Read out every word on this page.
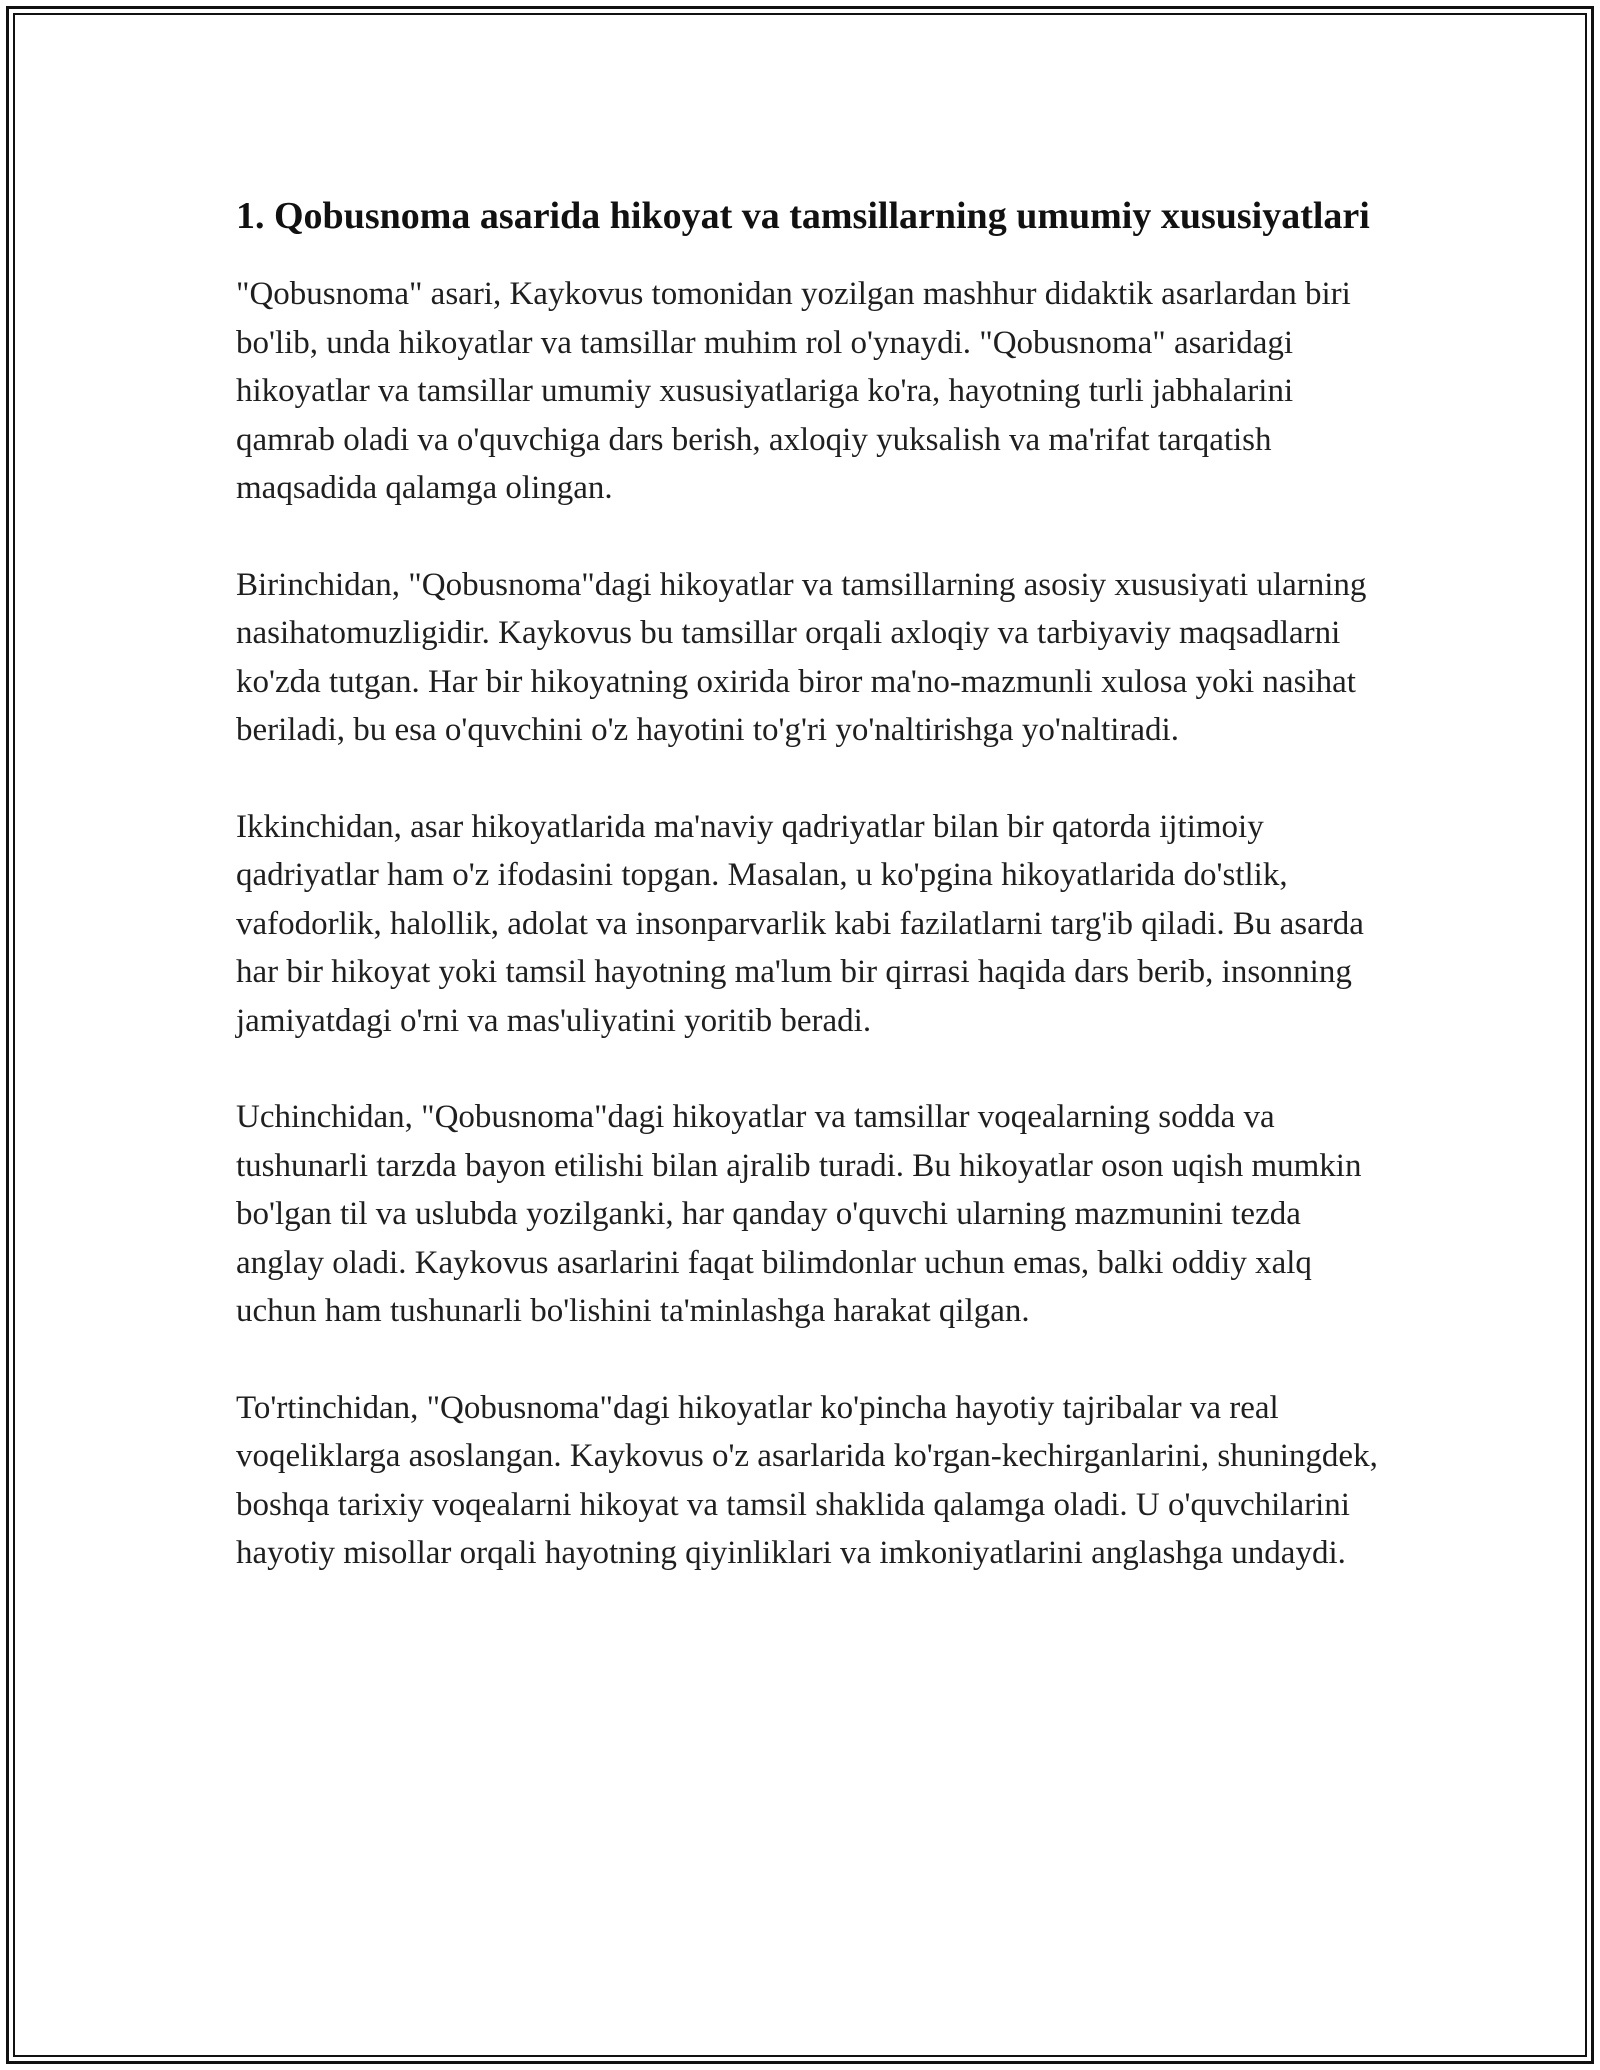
1. Qobusnoma asarida hikoyat va tamsillarning umumiy xususiyatlari

"Qobusnoma" asari, Kaykovus tomonidan yozilgan mashhur didaktik asarlardan biri bo'lib, unda hikoyatlar va tamsillar muhim rol o'ynaydi. "Qobusnoma" asaridagi hikoyatlar va tamsillar umumiy xususiyatlariga ko'ra, hayotning turli jabhalarini qamrab oladi va o'quvchiga dars berish, axloqiy yuksalish va ma'rifat tarqatish maqsadida qalamga olingan.

Birinchidan, "Qobusnoma"dagi hikoyatlar va tamsillarning asosiy xususiyati ularning nasihatomuzligidir. Kaykovus bu tamsillar orqali axloqiy va tarbiyaviy maqsadlarni ko'zda tutgan. Har bir hikoyatning oxirida biror ma'no-mazmunli xulosa yoki nasihat beriladi, bu esa o'quvchini o'z hayotini to'g'ri yo'naltirishga yo'naltiradi.

Ikkinchidan, asar hikoyatlarida ma'naviy qadriyatlar bilan bir qatorda ijtimoiy qadriyatlar ham o'z ifodasini topgan. Masalan, u ko'pgina hikoyatlarida do'stlik, vafodorlik, halollik, adolat va insonparvarlik kabi fazilatlarni targ'ib qiladi. Bu asarda har bir hikoyat yoki tamsil hayotning ma'lum bir qirrasi haqida dars berib, insonning jamiyatdagi o'rni va mas'uliyatini yoritib beradi.

Uchinchidan, "Qobusnoma"dagi hikoyatlar va tamsillar voqealarning sodda va tushunarli tarzda bayon etilishi bilan ajralib turadi. Bu hikoyatlar oson uqish mumkin bo'lgan til va uslubda yozilganki, har qanday o'quvchi ularning mazmunini tezda anglay oladi. Kaykovus asarlarini faqat bilimdonlar uchun emas, balki oddiy xalq uchun ham tushunarli bo'lishini ta'minlashga harakat qilgan.

To'rtinchidan, "Qobusnoma"dagi hikoyatlar ko'pincha hayotiy tajribalar va real voqeliklarga asoslangan. Kaykovus o'z asarlarida ko'rgan-kechirganlarini, shuningdek, boshqa tarixiy voqealarni hikoyat va tamsil shaklida qalamga oladi. U o'quvchilarini hayotiy misollar orqali hayotning qiyinliklari va imkoniyatlarini anglashga undaydi.
